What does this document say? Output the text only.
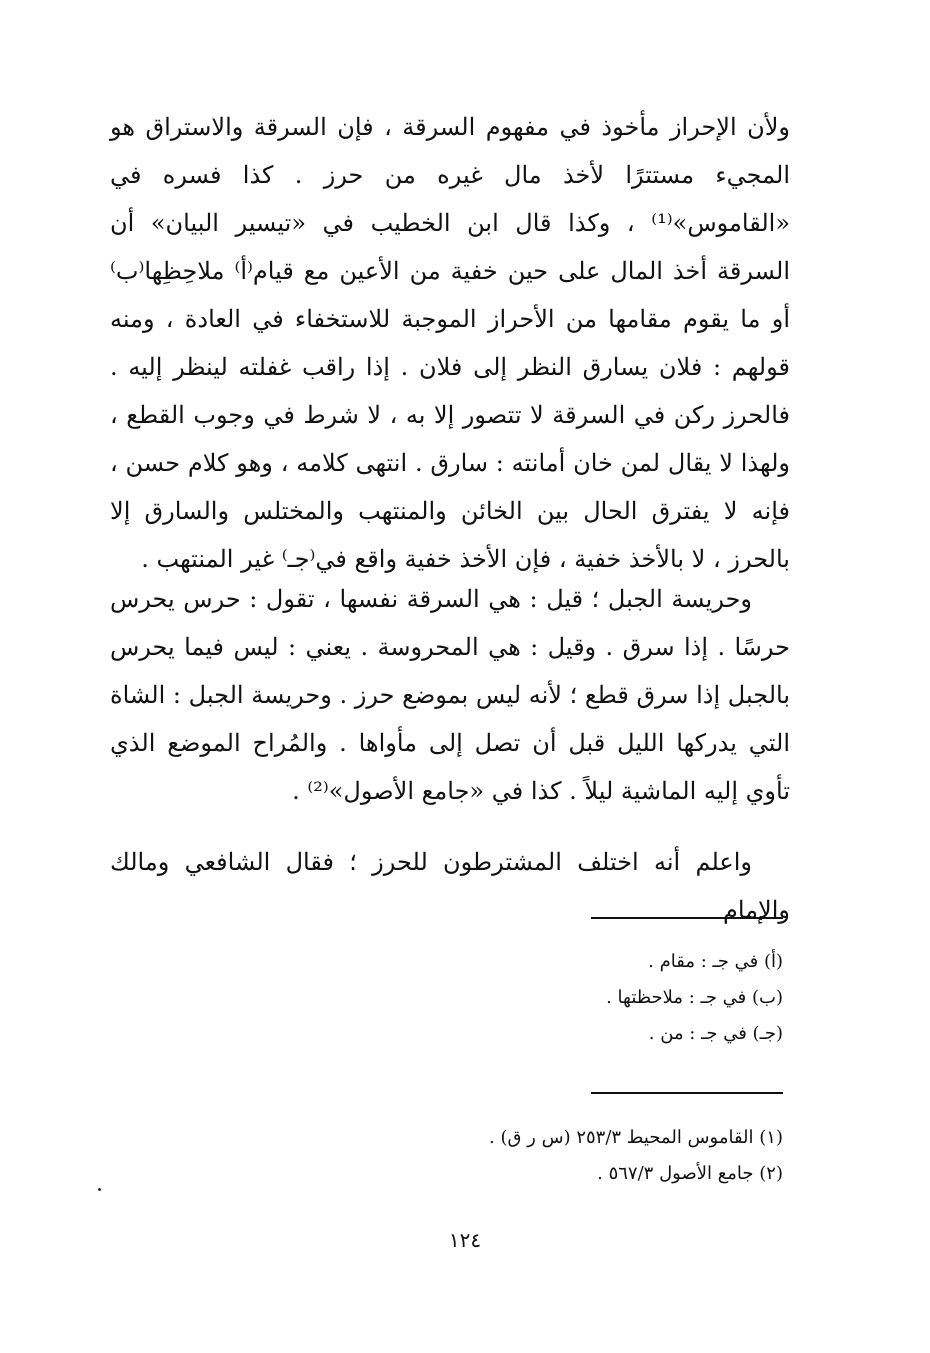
ولأن الإحراز مأخوذ في مفهوم السرقة ، فإن السرقة والاستراق هو المجيء مستترًا لأخذ مال غيره من حرز . كذا فسره في «القاموس»⁽¹⁾ ، وكذا قال ابن الخطيب في «تيسير البيان» أن السرقة أخذ المال على حين خفية من الأعين مع قيام⁽أ⁾ ملاحِظِها⁽ب⁾ أو ما يقوم مقامها من الأحراز الموجبة للاستخفاء في العادة ، ومنه قولهم : فلان يسارق النظر إلى فلان . إذا راقب غفلته لينظر إليه . فالحرز ركن في السرقة لا تتصور إلا به ، لا شرط في وجوب القطع ، ولهذا لا يقال لمن خان أمانته : سارق . انتهى كلامه ، وهو كلام حسن ، فإنه لا يفترق الحال بين الخائن والمنتهب والمختلس والسارق إلا بالحرز ، لا بالأخذ خفية ، فإن الأخذ خفية واقع في⁽جـ⁾ غير المنتهب .

وحريسة الجبل ؛ قيل : هي السرقة نفسها ، تقول : حرس يحرس حرسًا . إذا سرق . وقيل : هي المحروسة . يعني : ليس فيما يحرس بالجبل إذا سرق قطع ؛ لأنه ليس بموضع حرز . وحريسة الجبل : الشاة التي يدركها الليل قبل أن تصل إلى مأواها . والمُراح الموضع الذي تأوي إليه الماشية ليلاً . كذا في «جامع الأصول»⁽²⁾ .

واعلم أنه اختلف المشترطون للحرز ؛ فقال الشافعي ومالك والإمام

(أ) في جـ : مقام .

(ب) في جـ : ملاحظتها .

(جـ) في جـ : من .

(١) القاموس المحيط ٢٥٣/٣ (س ر ق) .

(٢) جامع الأصول ٥٦٧/٣ .

١٢٤
